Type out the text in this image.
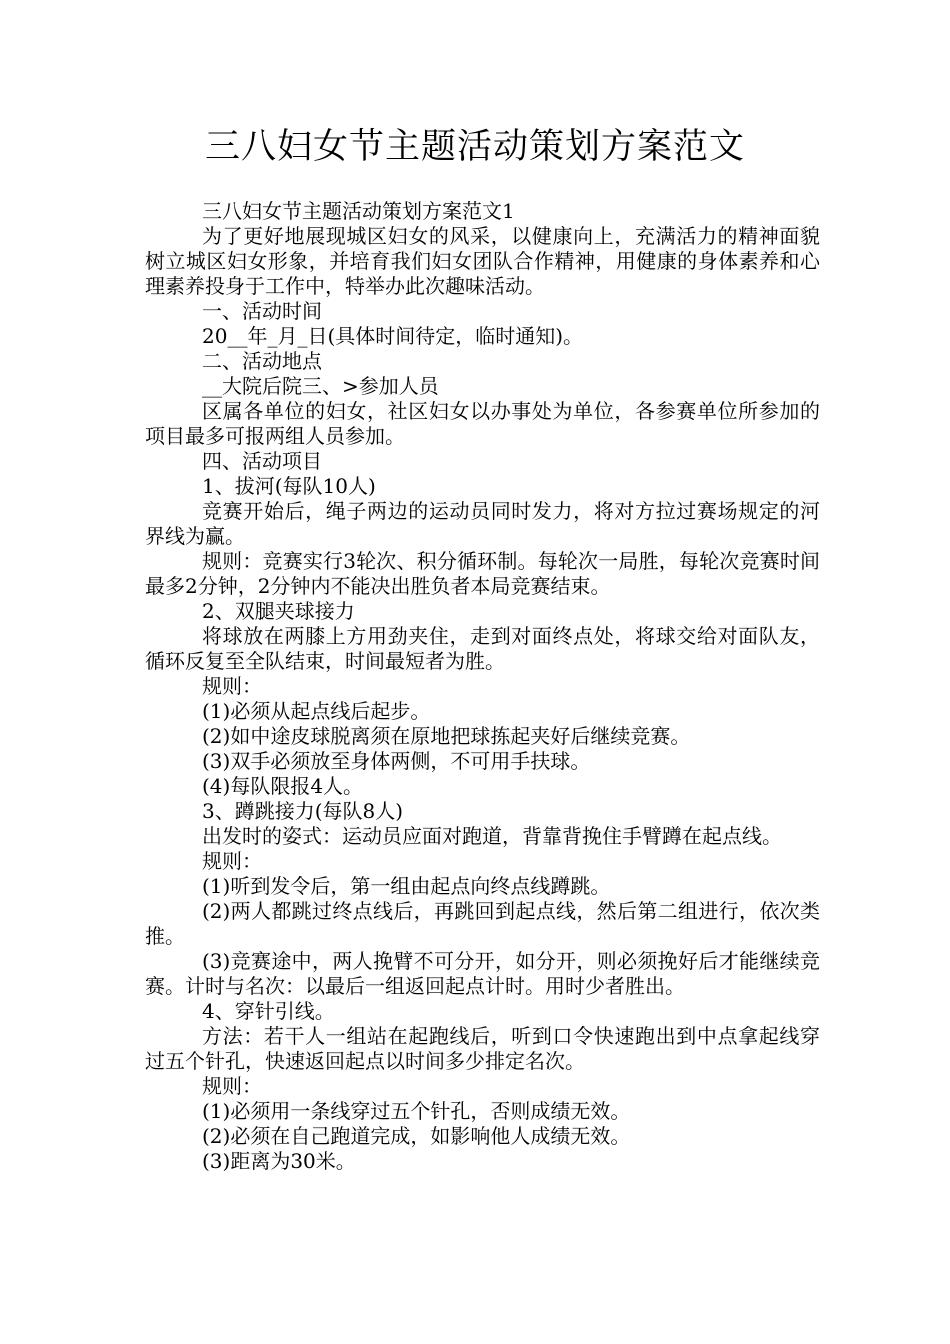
三八妇女节主题活动策划方案范文

三八妇女节主题活动策划方案范文1

为了更好地展现城区妇女的风采，以健康向上，充满活力的精神面貌树立城区妇女形象，并培育我们妇女团队合作精神，用健康的身体素养和心理素养投身于工作中，特举办此次趣味活动。

一、活动时间

20__年_月_日(具体时间待定，临时通知)。

二、活动地点

__大院后院三、>参加人员

区属各单位的妇女，社区妇女以办事处为单位，各参赛单位所参加的项目最多可报两组人员参加。

四、活动项目

1、拔河(每队10人)

竞赛开始后，绳子两边的运动员同时发力，将对方拉过赛场规定的河界线为赢。

规则：竞赛实行3轮次、积分循环制。每轮次一局胜，每轮次竞赛时间最多2分钟，2分钟内不能决出胜负者本局竞赛结束。

2、双腿夹球接力

将球放在两膝上方用劲夹住，走到对面终点处，将球交给对面队友，循环反复至全队结束，时间最短者为胜。

规则：

(1)必须从起点线后起步。

(2)如中途皮球脱离须在原地把球拣起夹好后继续竞赛。

(3)双手必须放至身体两侧，不可用手扶球。

(4)每队限报4人。

3、蹲跳接力(每队8人)

出发时的姿式：运动员应面对跑道，背靠背挽住手臂蹲在起点线。

规则：

(1)听到发令后，第一组由起点向终点线蹲跳。

(2)两人都跳过终点线后，再跳回到起点线，然后第二组进行，依次类推。

(3)竞赛途中，两人挽臂不可分开，如分开，则必须挽好后才能继续竞赛。计时与名次：以最后一组返回起点计时。用时少者胜出。

4、穿针引线。

方法：若干人一组站在起跑线后，听到口令快速跑出到中点拿起线穿过五个针孔，快速返回起点以时间多少排定名次。

规则：

(1)必须用一条线穿过五个针孔，否则成绩无效。

(2)必须在自己跑道完成，如影响他人成绩无效。

(3)距离为30米。
